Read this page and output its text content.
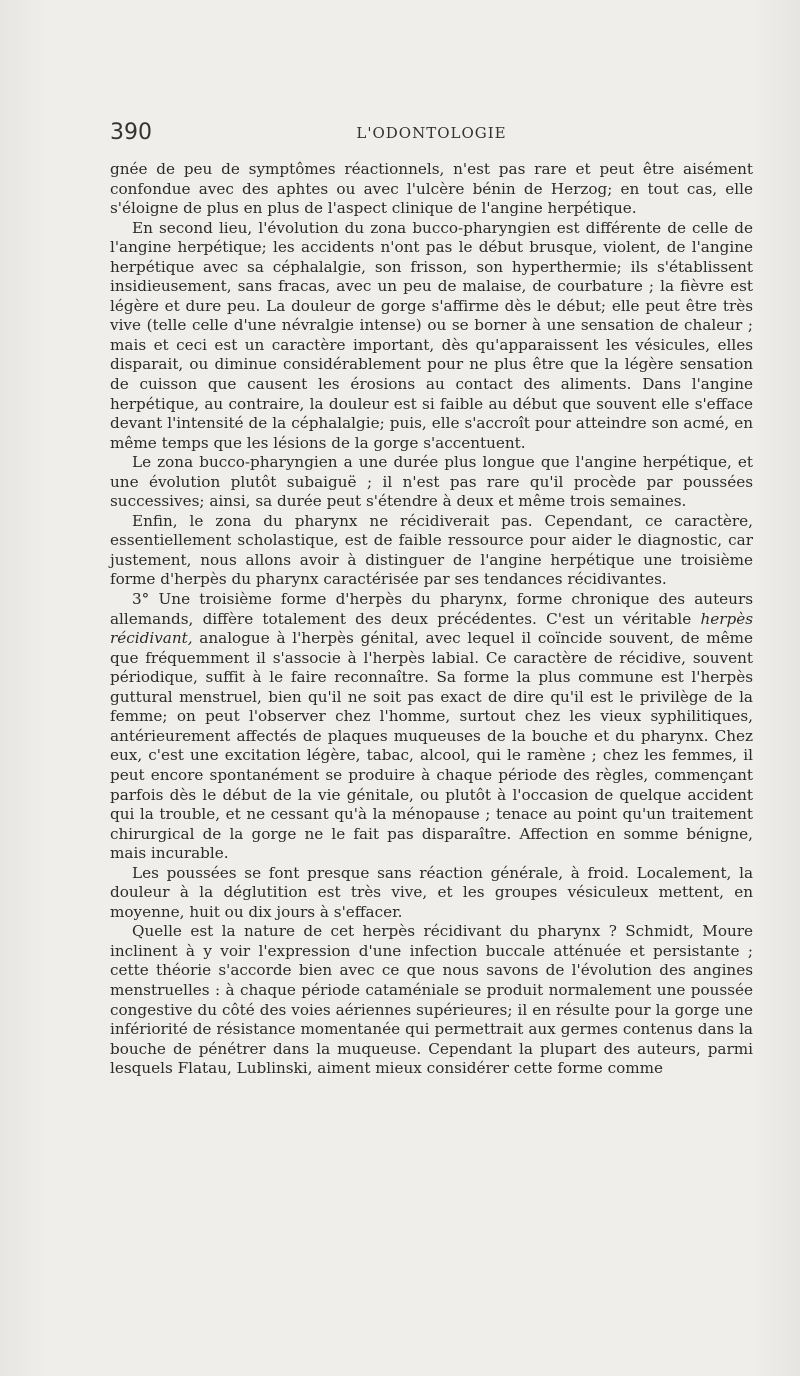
390	L'ODONTOLOGIE

gnée de peu de symptômes réactionnels, n'est pas rare et peut être aisément confondue avec des aphtes ou avec l'ulcère bénin de Herzog; en tout cas, elle s'éloigne de plus en plus de l'aspect clinique de l'angine herpétique.

En second lieu, l'évolution du zona bucco-pharyngien est différente de celle de l'angine herpétique; les accidents n'ont pas le début brusque, violent, de l'angine herpétique avec sa céphalalgie, son frisson, son hyperthermie; ils s'établissent insidieusement, sans fracas, avec un peu de malaise, de courbature ; la fièvre est légère et dure peu. La douleur de gorge s'affirme dès le début; elle peut être très vive (telle celle d'une névralgie intense) ou se borner à une sensation de chaleur ; mais et ceci est un caractère important, dès qu'apparaissent les vésicules, elles disparait, ou diminue considérablement pour ne plus être que la légère sensation de cuisson que causent les érosions au contact des aliments. Dans l'angine herpétique, au contraire, la douleur est si faible au début que souvent elle s'efface devant l'intensité de la céphalalgie; puis, elle s'accroît pour atteindre son acmé, en même temps que les lésions de la gorge s'accentuent.

Le zona bucco-pharyngien a une durée plus longue que l'angine herpétique, et une évolution plutôt subaiguë ; il n'est pas rare qu'il procède par poussées successives; ainsi, sa durée peut s'étendre à deux et même trois semaines.

Enfin, le zona du pharynx ne récidiverait pas. Cependant, ce caractère, essentiellement scholastique, est de faible ressource pour aider le diagnostic, car justement, nous allons avoir à distinguer de l'angine herpétique une troisième forme d'herpès du pharynx caractérisée par ses tendances récidivantes.

3° Une troisième forme d'herpès du pharynx, forme chronique des auteurs allemands, diffère totalement des deux précédentes. C'est un véritable herpès récidivant, analogue à l'herpès génital, avec lequel il coïncide souvent, de même que fréquemment il s'associe à l'herpès labial. Ce caractère de récidive, souvent périodique, suffit à le faire reconnaître. Sa forme la plus commune est l'herpès guttural menstruel, bien qu'il ne soit pas exact de dire qu'il est le privilège de la femme; on peut l'observer chez l'homme, surtout chez les vieux syphilitiques, antérieurement affectés de plaques muqueuses de la bouche et du pharynx. Chez eux, c'est une excitation légère, tabac, alcool, qui le ramène ; chez les femmes, il peut encore spontanément se produire à chaque période des règles, commençant parfois dès le début de la vie génitale, ou plutôt à l'occasion de quelque accident qui la trouble, et ne cessant qu'à la ménopause ; tenace au point qu'un traitement chirurgical de la gorge ne le fait pas disparaître. Affection en somme bénigne, mais incurable.

Les poussées se font presque sans réaction générale, à froid. Localement, la douleur à la déglutition est très vive, et les groupes vésiculeux mettent, en moyenne, huit ou dix jours à s'effacer.

Quelle est la nature de cet herpès récidivant du pharynx ? Schmidt, Moure inclinent à y voir l'expression d'une infection buccale atténuée et persistante ; cette théorie s'accorde bien avec ce que nous savons de l'évolution des angines menstruelles : à chaque période cataméniale se produit normalement une poussée congestive du côté des voies aériennes supérieures; il en résulte pour la gorge une infériorité de résistance momentanée qui permettrait aux germes contenus dans la bouche de pénétrer dans la muqueuse. Cependant la plupart des auteurs, parmi lesquels Flatau, Lublinski, aiment mieux considérer cette forme comme
